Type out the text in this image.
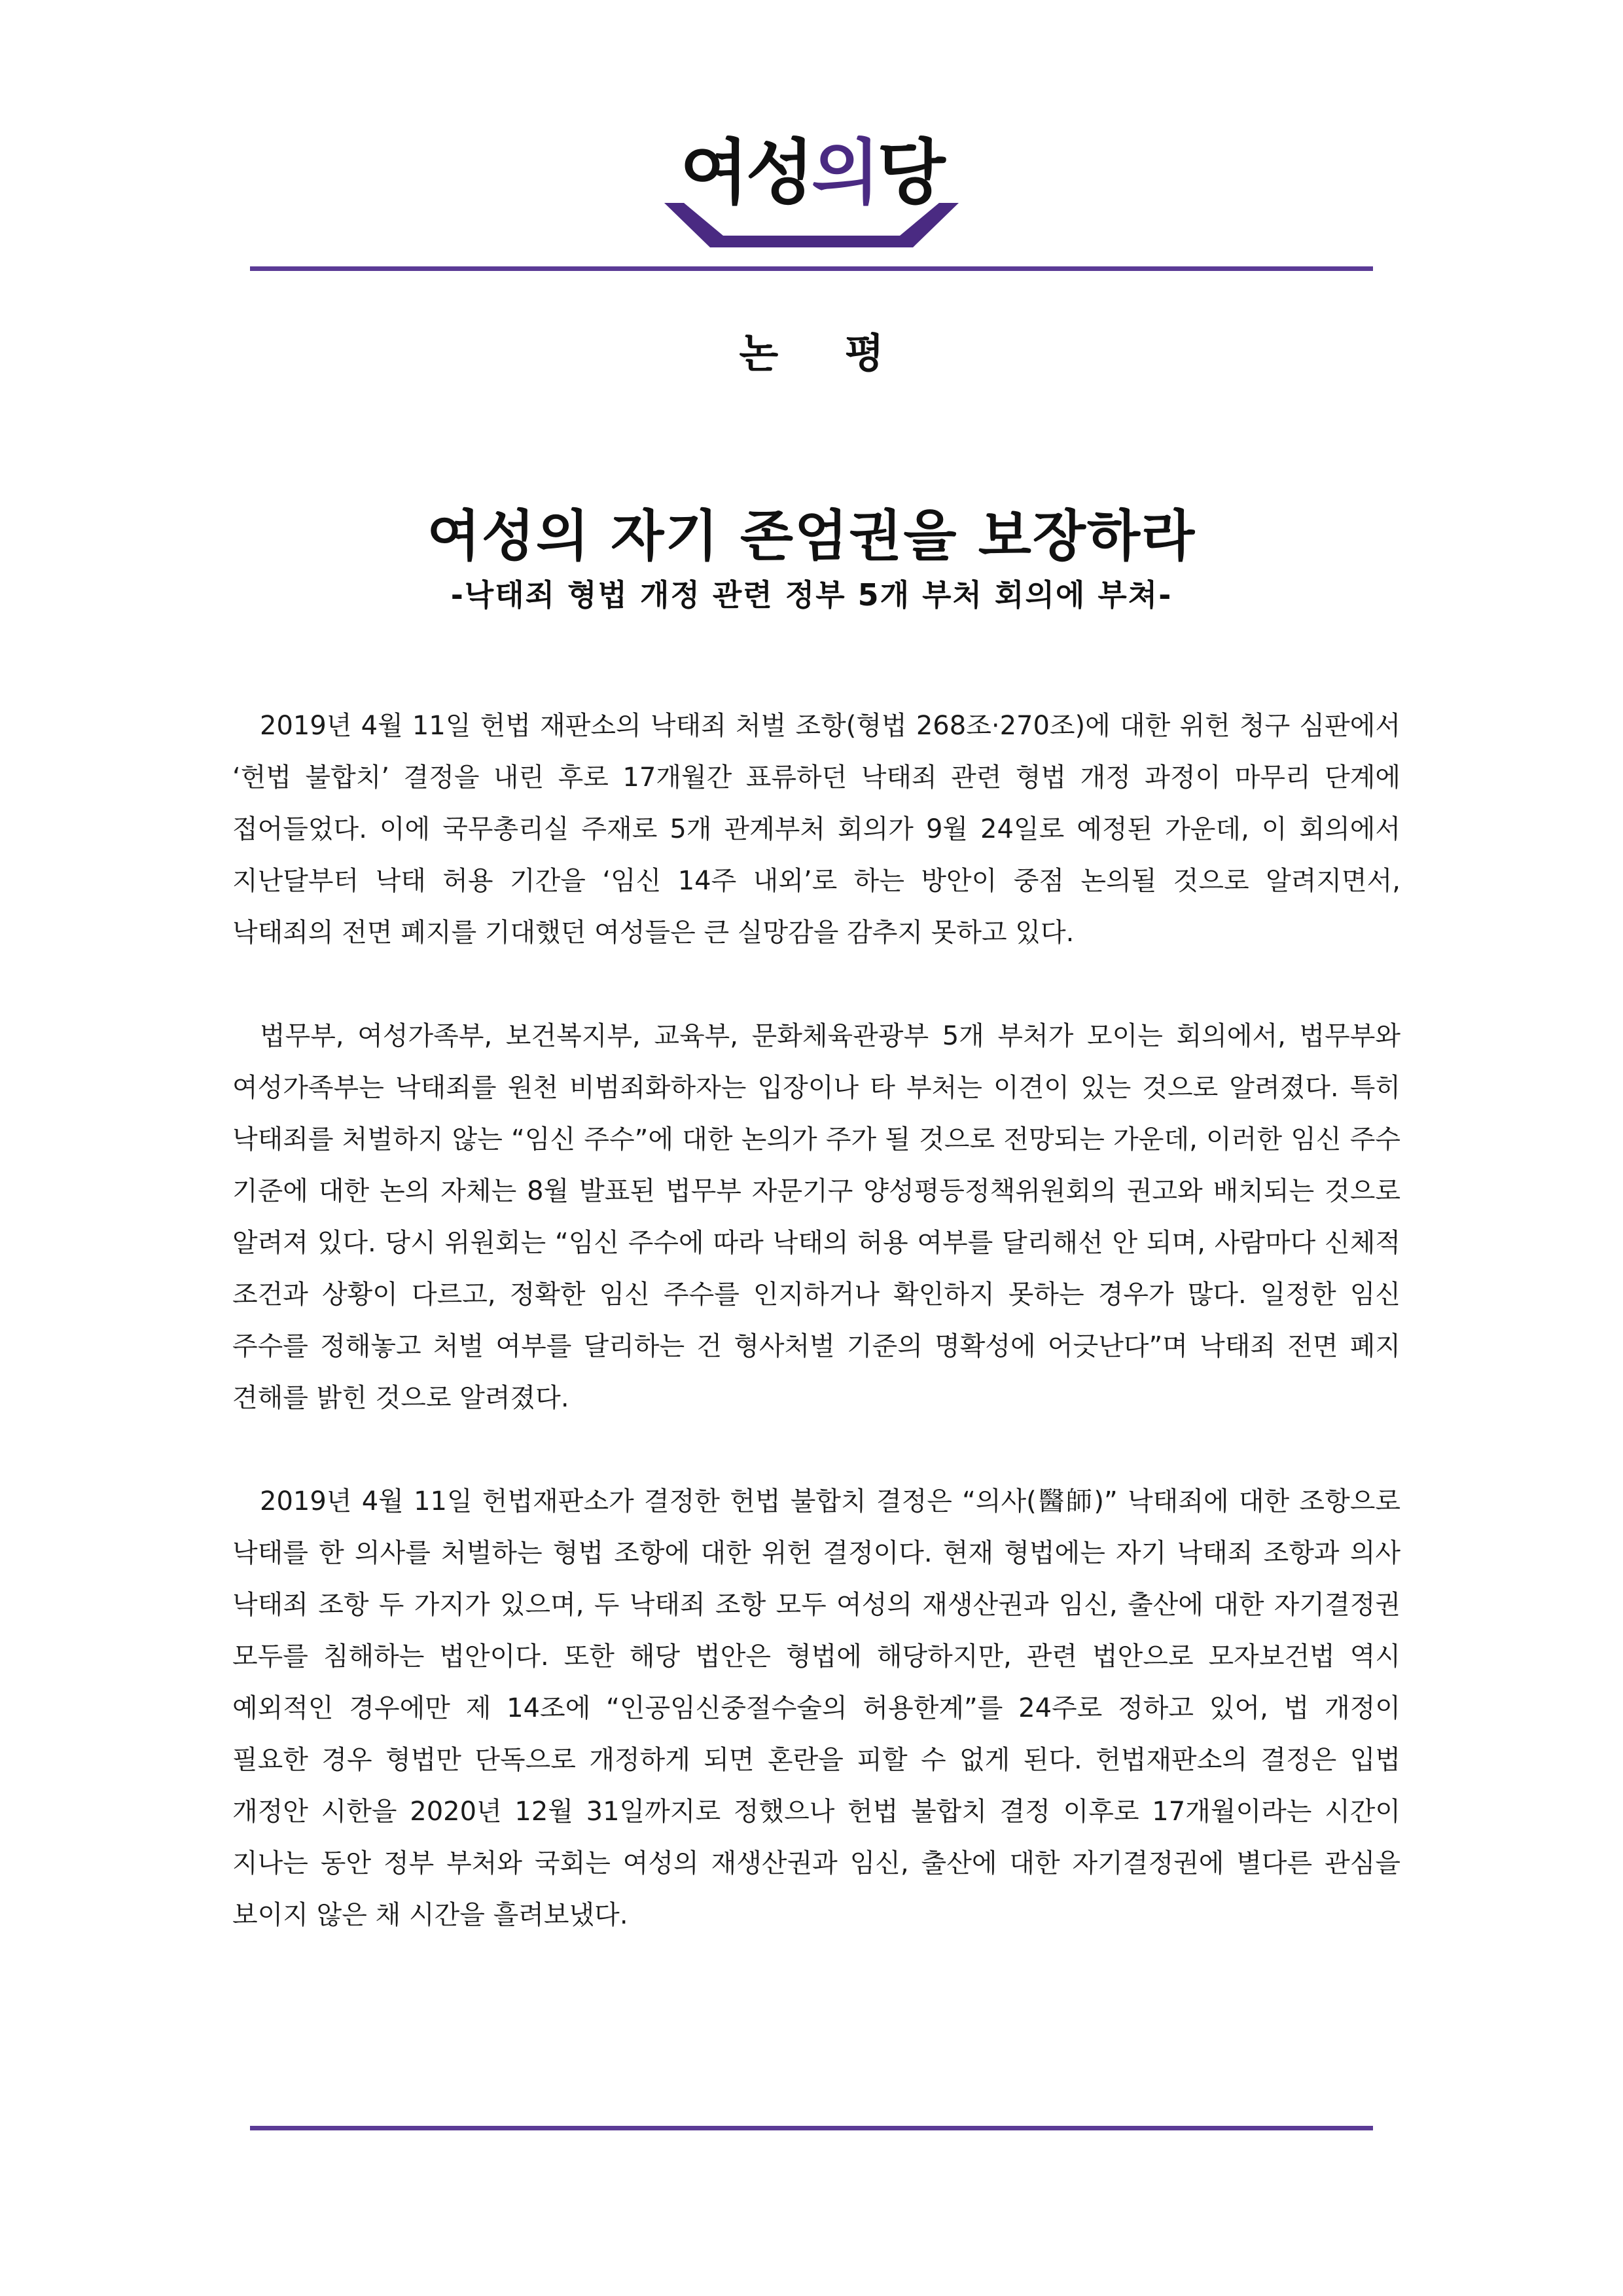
여성의당
논 평
여성의 자기 존엄권을 보장하라
-낙태죄 형법 개정 관련 정부 5개 부처 회의에 부쳐-

2019년 4월 11일 헌법 재판소의 낙태죄 처벌 조항(형법 268조·270조)에 대한 위헌 청구 심판에서 ‘헌법 불합치’ 결정을 내린 후로 17개월간 표류하던 낙태죄 관련 형법 개정 과정이 마무리 단계에 접어들었다. 이에 국무총리실 주재로 5개 관계부처 회의가 9월 24일로 예정된 가운데, 이 회의에서 지난달부터 낙태 허용 기간을 ‘임신 14주 내외’로 하는 방안이 중점 논의될 것으로 알려지면서, 낙태죄의 전면 폐지를 기대했던 여성들은 큰 실망감을 감추지 못하고 있다.

법무부, 여성가족부, 보건복지부, 교육부, 문화체육관광부 5개 부처가 모이는 회의에서, 법무부와 여성가족부는 낙태죄를 원천 비범죄화하자는 입장이나 타 부처는 이견이 있는 것으로 알려졌다. 특히 낙태죄를 처벌하지 않는 “임신 주수”에 대한 논의가 주가 될 것으로 전망되는 가운데, 이러한 임신 주수 기준에 대한 논의 자체는 8월 발표된 법무부 자문기구 양성평등정책위원회의 권고와 배치되는 것으로 알려져 있다. 당시 위원회는 “임신 주수에 따라 낙태의 허용 여부를 달리해선 안 되며, 사람마다 신체적 조건과 상황이 다르고, 정확한 임신 주수를 인지하거나 확인하지 못하는 경우가 많다. 일정한 임신 주수를 정해놓고 처벌 여부를 달리하는 건 형사처벌 기준의 명확성에 어긋난다”며 낙태죄 전면 폐지 견해를 밝힌 것으로 알려졌다.

2019년 4월 11일 헌법재판소가 결정한 헌법 불합치 결정은 “의사(醫師)” 낙태죄에 대한 조항으로 낙태를 한 의사를 처벌하는 형법 조항에 대한 위헌 결정이다. 현재 형법에는 자기 낙태죄 조항과 의사 낙태죄 조항 두 가지가 있으며, 두 낙태죄 조항 모두 여성의 재생산권과 임신, 출산에 대한 자기결정권 모두를 침해하는 법안이다. 또한 해당 법안은 형법에 해당하지만, 관련 법안으로 모자보건법 역시 예외적인 경우에만 제 14조에 “인공임신중절수술의 허용한계”를 24주로 정하고 있어, 법 개정이 필요한 경우 형법만 단독으로 개정하게 되면 혼란을 피할 수 없게 된다. 헌법재판소의 결정은 입법 개정안 시한을 2020년 12월 31일까지로 정했으나 헌법 불합치 결정 이후로 17개월이라는 시간이 지나는 동안 정부 부처와 국회는 여성의 재생산권과 임신, 출산에 대한 자기결정권에 별다른 관심을 보이지 않은 채 시간을 흘려보냈다.
